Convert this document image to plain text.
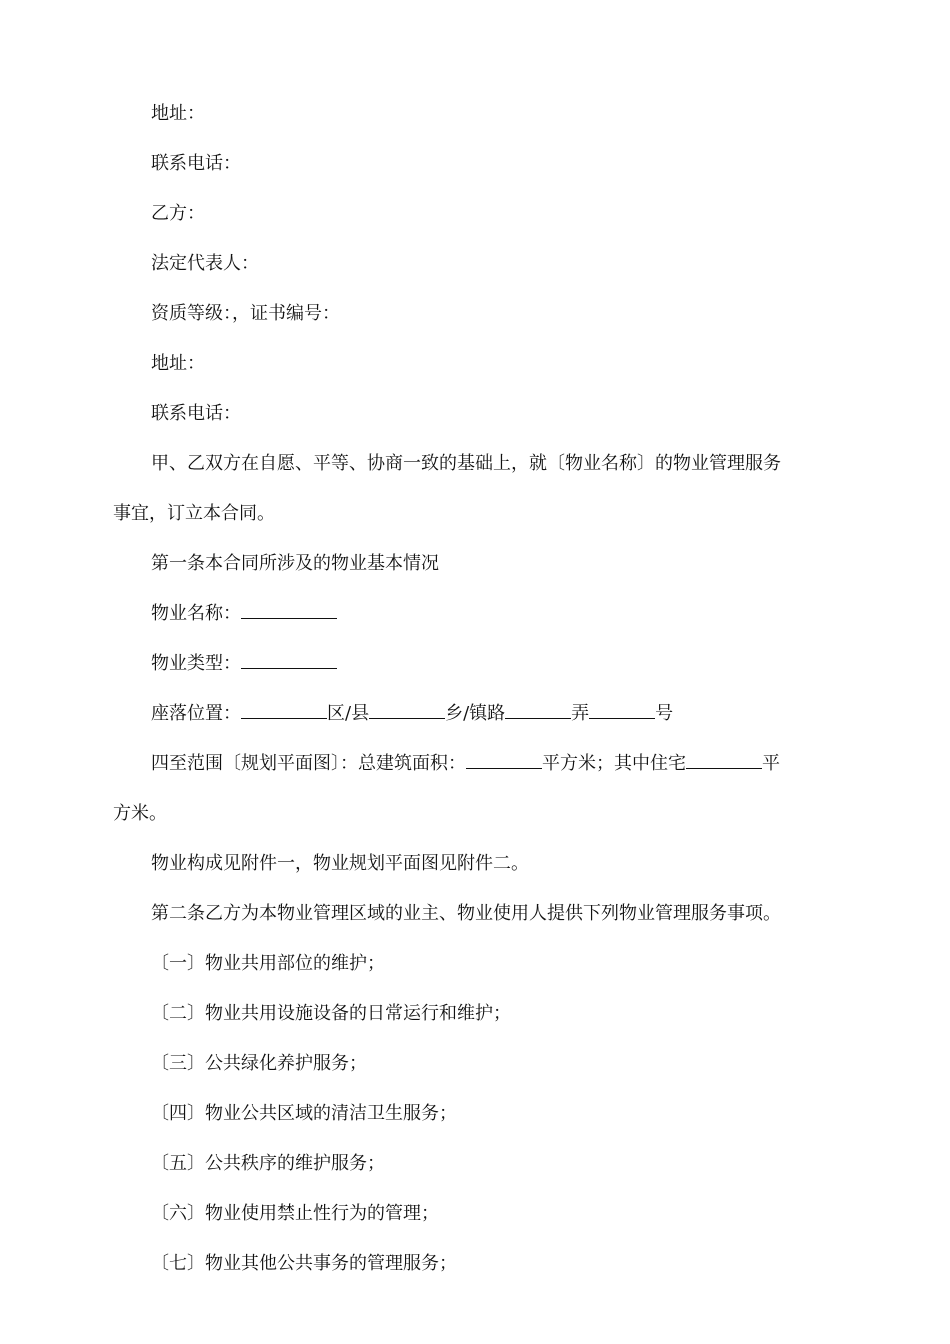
地址：
联系电话：
乙方：
法定代表人：
资质等级：，证书编号：
地址：
联系电话：
甲、乙双方在自愿、平等、协商一致的基础上，就〔物业名称〕的物业管理服务
事宜，订立本合同。
第一条本合同所涉及的物业基本情况
物业名称：
物业类型：
座落位置：	区/县	乡/镇路	弄	号
四至范围〔规划平面图〕：总建筑面积：	平方米；其中住宅	平
方米。
物业构成见附件一，物业规划平面图见附件二。
第二条乙方为本物业管理区域的业主、物业使用人提供下列物业管理服务事项。
〔一〕物业共用部位的维护；
〔二〕物业共用设施设备的日常运行和维护；
〔三〕公共绿化养护服务；
〔四〕物业公共区域的清洁卫生服务；
〔五〕公共秩序的维护服务；
〔六〕物业使用禁止性行为的管理；
〔七〕物业其他公共事务的管理服务；
